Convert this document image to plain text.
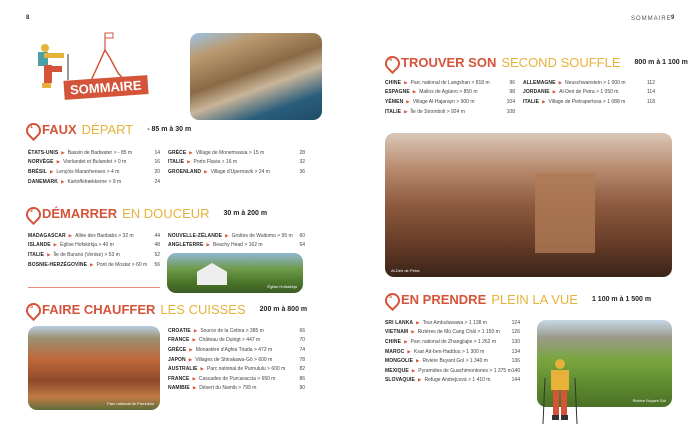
8	SOMMAIRE 9
SOMMAIRE
1 FAUX DÉPART - 85 m à 30 m
ÉTATS-UNIS ▶ Bassin de Badwater > - 85 m	14
NORVÈGE ▶ Vierlandet et Bulandet > 0 m	16
BRÉSIL ▶ Lençóis Maranhenses > 4 m	20
DANEMARK ▶ Kartoffelrækkerne > 9 m	24
GRÈCE ▶ Village de Monemvasia > 15 m	28
ITALIE ▶ Porto Flavia > 16 m	32
GROENLAND ▶ Village d'Upernavik > 24 m	36
2 DÉMARRER EN DOUCEUR 30 m à 200 m
MADAGASCAR ▶ Allée des Baobabs > 32 m	44
ISLANDE ▶ Église Hofskirkja > 40 m	48
ITALIE ▶ Île de Burano (Venise) > 53 m	52
BOSNIE-HERZÉGOVINE ▶ Pont de Mostar > 60 m 56
NOUVELLE-ZÉLANDE ▶ Grottes de Waitomo > 95 m 60
ANGLETERRE ▶ Beachy Head > 162 m	64
3 FAIRE CHAUFFER LES CUISSES 200 m à 800 m
CROATIE ▶ Source de la Cetina > 385 m	66
FRANCE ▶ Château de Duingt > 447 m	70
GRÈCE ▶ Monastère d'Aghia Triada > 472 m	74
JAPON ▶ Villages de Shirakawa-Gō > 600 m	78
AUSTRALIE ▶ Parc national de Purnululu > 600 m	82
FRANCE ▶ Cascades de Purcaraccia > 650 m	86
NAMIBIE ▶ Désert du Namib > 799 m	90
4 TROUVER SON SECOND SOUFFLE 800 m à 1 100 m
CHINE ▶ Parc national de Langshan > 818 m	96
ESPAGNE ▶ Mallos de Agüero > 850 m	98
YÉMEN ▶ Village Al-Hajarayn > 900 m	104
ITALIE ▶ Île de Stromboli > 924 m	108
ALLEMAGNE ▶ Neuschwanstein > 1 000 m	112
JORDANIE ▶ Al-Deir de Petra > 1 050 m	114
ITALIE ▶ Village de Pietrapertosa > 1 088 m	118
5 EN PRENDRE PLEIN LA VUE 1 100 m à 1 500 m
SRI LANKA ▶ Tour Ambuluwawa > 1 138 m	124
VIETNAM ▶ Rizières de Mù Cang Chải > 1 150 m 126
CHINE ▶ Parc national de Zhangjiajie > 1 262 m	130
MAROC ▶ Ksar Aït-ben-Haddou > 1 300 m	134
MONGOLIE ▶ Rivière Buyant Gol > 1 340 m	136
MEXIQUE ▶ Pyramides de Guachimontones > 1 375 m 140
SLOVAQUIE ▶ Refuge Andrejcová > 1 410 m	144
Église Hofskirkja
Parc national de Purnululu
Al-Deir de Petra
Rivière Buyant Gol
